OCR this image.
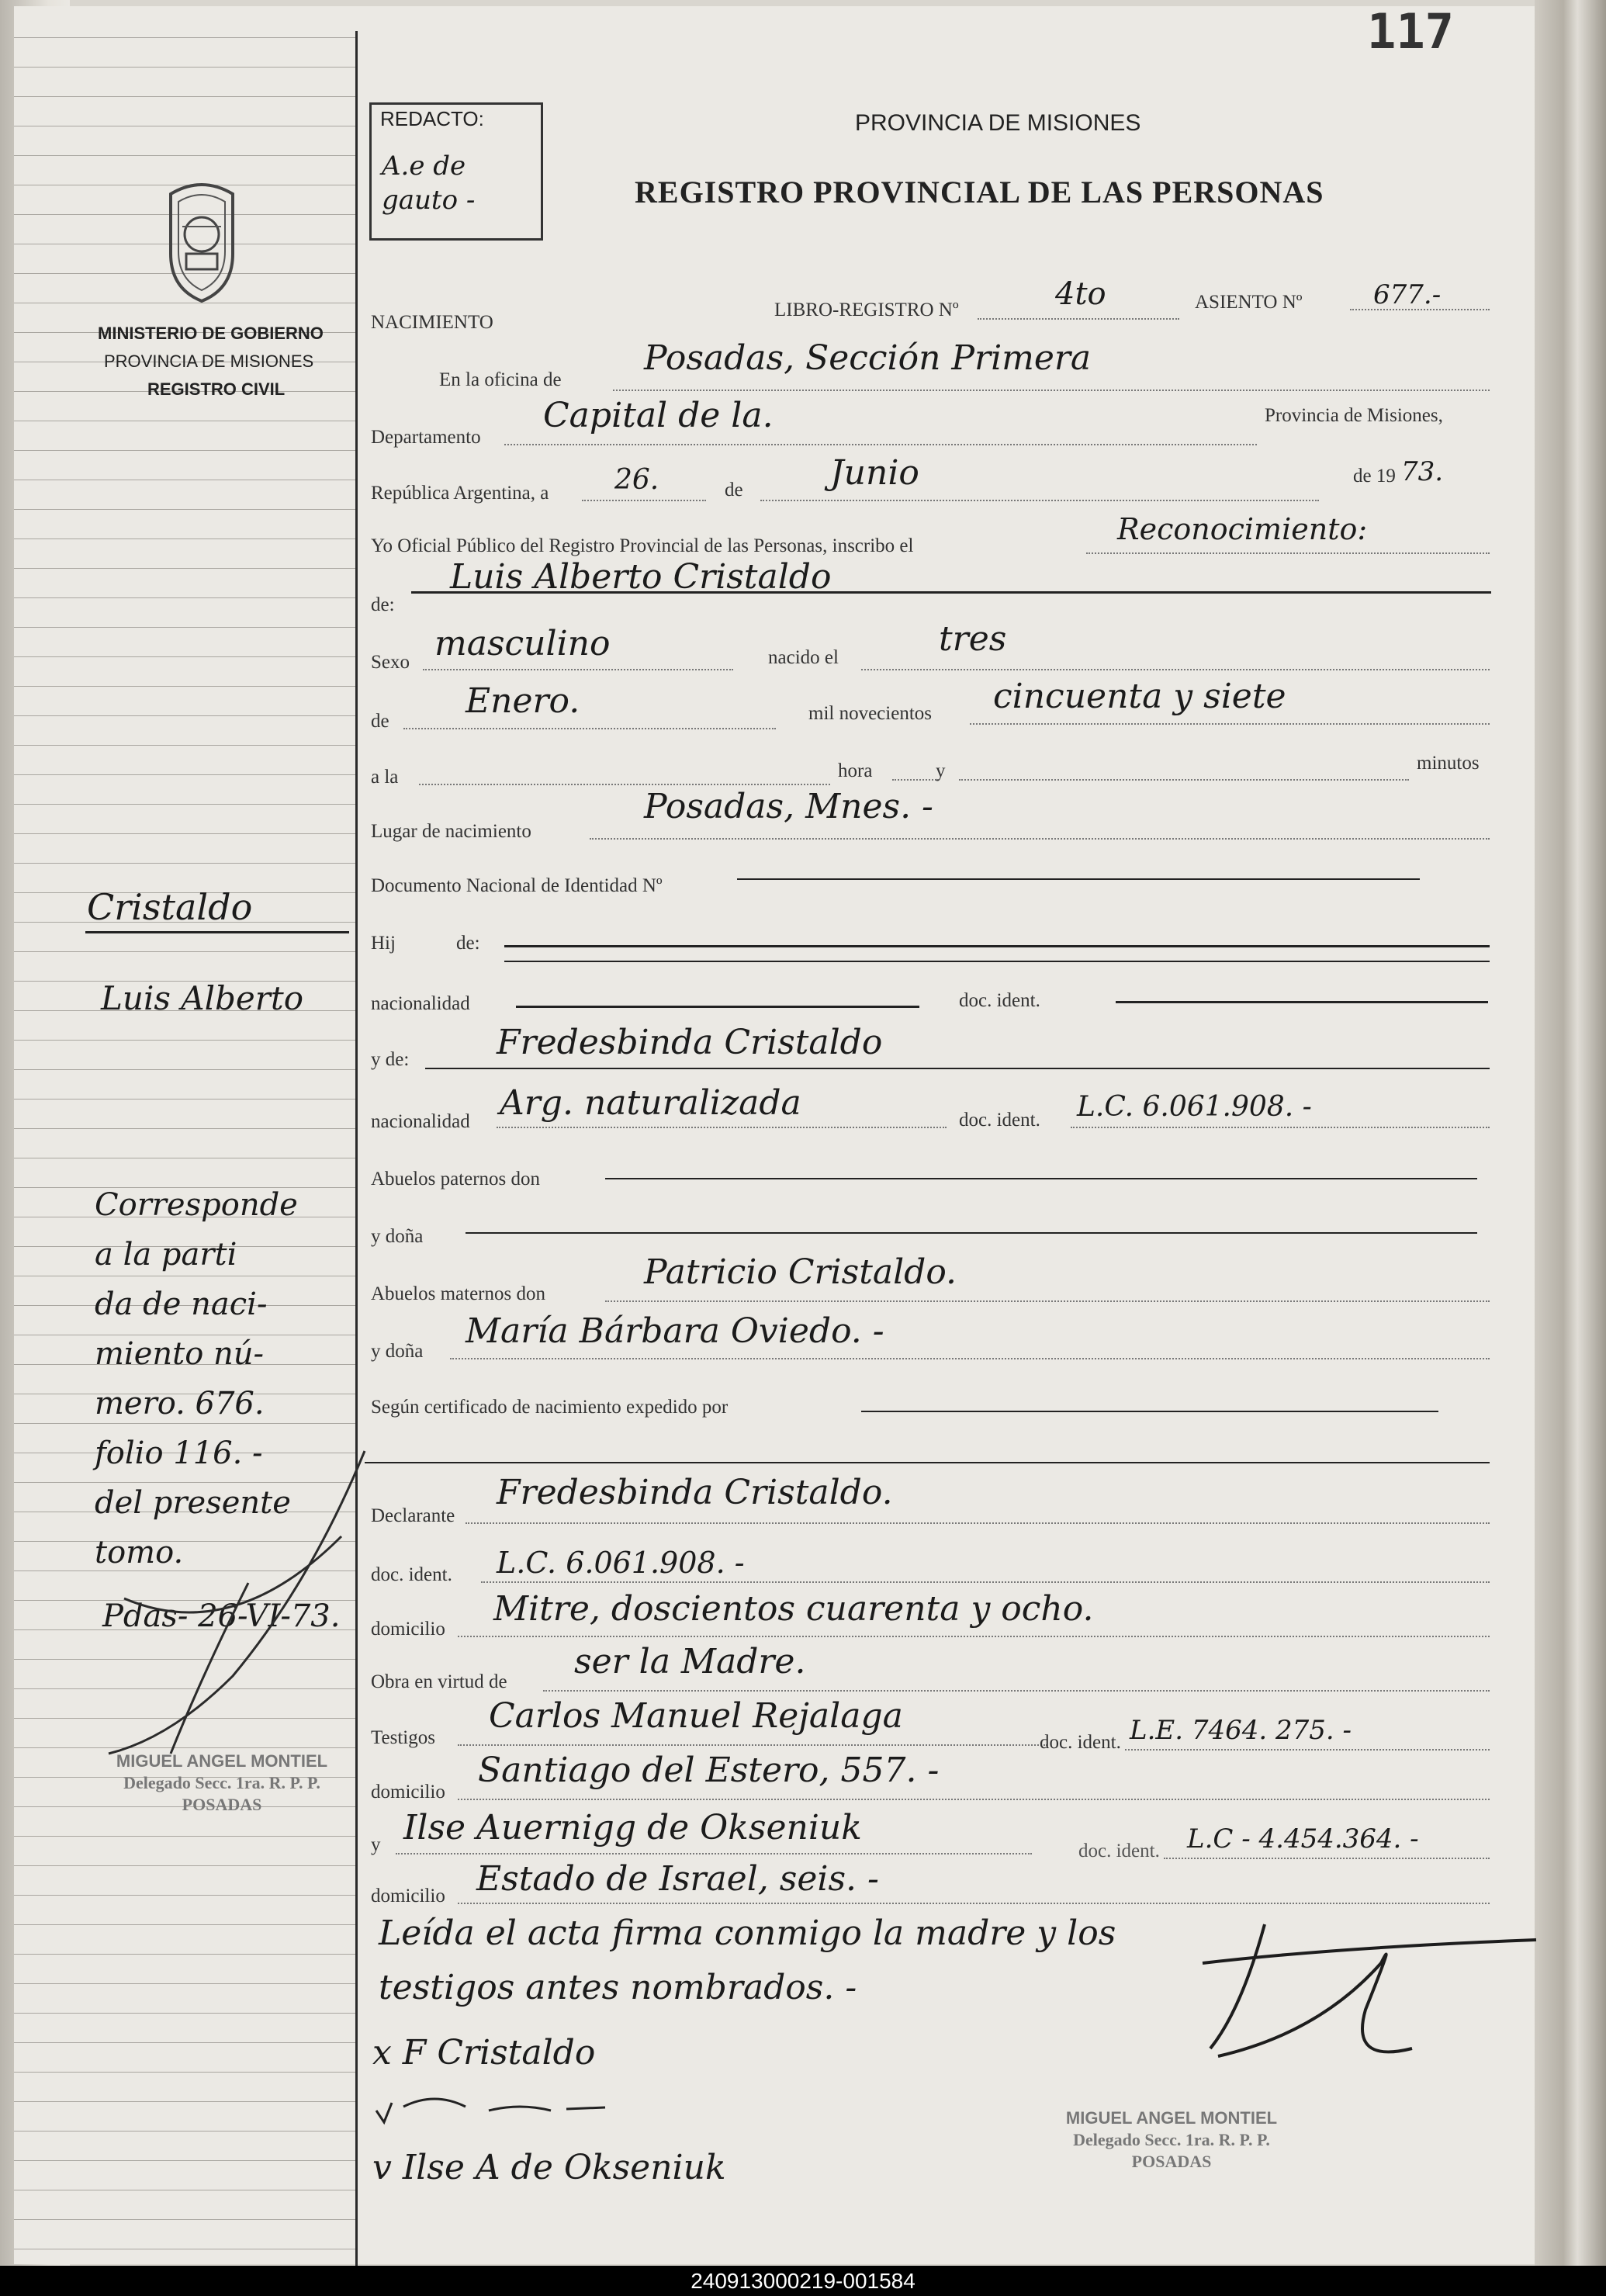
117
REDACTO:
A.e de gauto -
PROVINCIA DE MISIONES
REGISTRO PROVINCIAL DE LAS PERSONAS
MINISTERIO DE GOBIERNO
PROVINCIA DE MISIONES
REGISTRO CIVIL
NACIMIENTO
LIBRO-REGISTRO Nº	4to	ASIENTO Nº	677.-
En la oficina de
Posadas, Sección Primera
Departamento
Capital de la.	Provincia de Misiones,
República Argentina, a 26.	de	Junio	de 19 73.
Yo Oficial Público del Registro Provincial de las Personas, inscribo el	Reconocimiento:
de:
Luis Alberto Cristaldo
Sexo masculino	nacido el	tres
de
Enero.	mil novecientos cincuenta y siete
a la	hora	y	minutos
Lugar de nacimiento
Posadas, Mnes. -
Documento Nacional de Identidad Nº
Hij	de:
nacionalidad	doc. ident.
y de:	Fredesbinda Cristaldo
nacionalidad Arg. naturalizada	doc. ident. L.C. 6.061.908. -
Abuelos paternos don
y doña
Abuelos maternos don
Patricio Cristaldo.
y doña
María Bárbara Oviedo. -
Según certificado de nacimiento expedido por
Declarante
Fredesbinda Cristaldo.
doc. ident. L.C. 6.061.908. -
domicilio
Mitre, doscientos cuarenta y ocho.
Obra en virtud de
ser la Madre.
Testigos
Carlos Manuel Rejalaga
doc. ident. L.E. 7464. 275. -
domicilio
Santiago del Estero, 557. -
y Ilse Auernigg de Okseniuk
doc. ident. L.C - 4.454.364. -
domicilio Estado de Israel, seis. -
Leída el acta firma conmigo la madre y los
testigos antes nombrados. -
x F Cristaldo
v Ilse A de Okseniuk
Cristaldo
Luis Alberto
Corresponde
a la parti
da de naci-
miento nú-
mero. 676.
folio 116. -
del presente
tomo.
Pdas- 26-VI-73.
MIGUEL ANGEL MONTIEL
Delegado Secc. 1ra. R. P. P.
POSADAS
MIGUEL ANGEL MONTIEL
Delegado Secc. 1ra. R. P. P.
POSADAS
240913000219-001584
